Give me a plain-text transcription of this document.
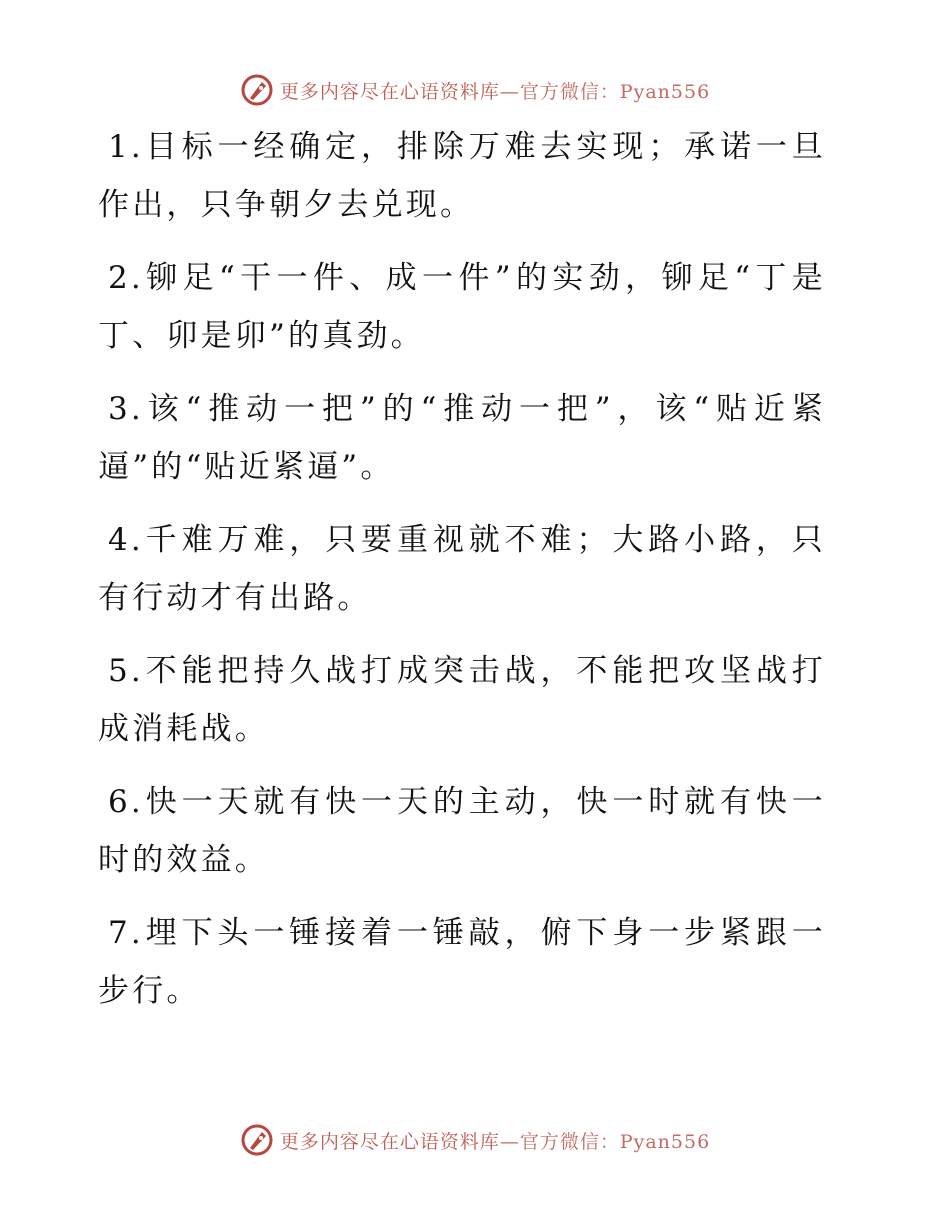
更多内容尽在心语资料库—官方微信：Pyan556

1.目标一经确定，排除万难去实现；承诺一旦作出，只争朝夕去兑现。

2.铆足“干一件、成一件”的实劲，铆足“丁是丁、卯是卯”的真劲。

3.该“推动一把”的“推动一把”，该“贴近紧逼”的“贴近紧逼”。

4.千难万难，只要重视就不难；大路小路，只有行动才有出路。

5.不能把持久战打成突击战，不能把攻坚战打成消耗战。

6.快一天就有快一天的主动，快一时就有快一时的效益。

7.埋下头一锤接着一锤敲，俯下身一步紧跟一步行。

更多内容尽在心语资料库—官方微信：Pyan556
